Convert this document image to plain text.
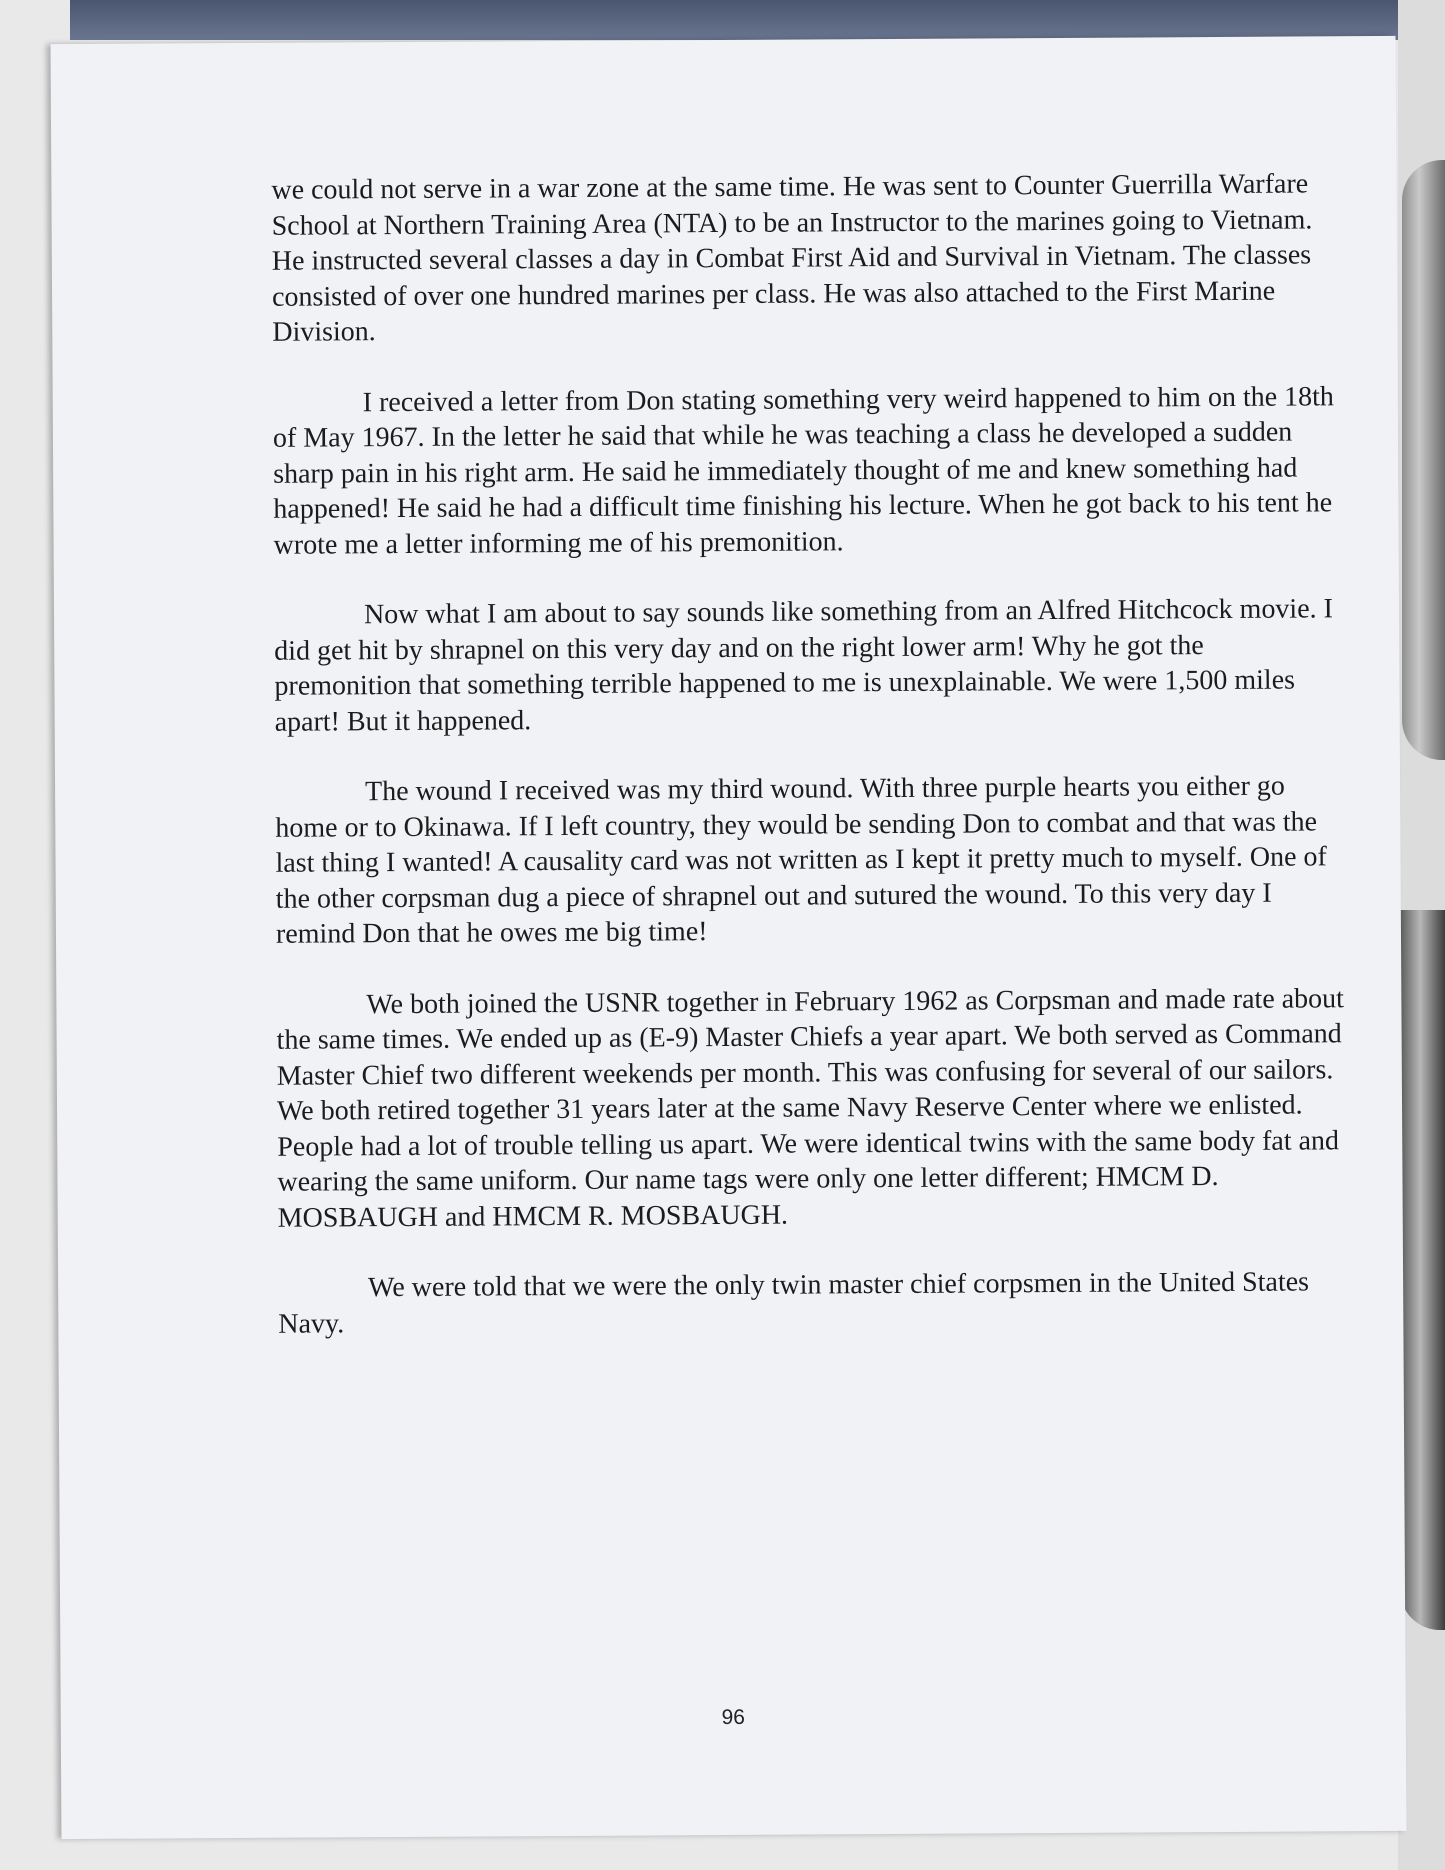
we could not serve in a war zone at the same time. He was sent to Counter Guerrilla Warfare School at Northern Training Area (NTA) to be an Instructor to the marines going to Vietnam. He instructed several classes a day in Combat First Aid and Survival in Vietnam. The classes consisted of over one hundred marines per class. He was also attached to the First Marine Division.

I received a letter from Don stating something very weird happened to him on the 18th of May 1967. In the letter he said that while he was teaching a class he developed a sudden sharp pain in his right arm. He said he immediately thought of me and knew something had happened! He said he had a difficult time finishing his lecture. When he got back to his tent he wrote me a letter informing me of his premonition.

Now what I am about to say sounds like something from an Alfred Hitchcock movie. I did get hit by shrapnel on this very day and on the right lower arm! Why he got the premonition that something terrible happened to me is unexplainable. We were 1,500 miles apart! But it happened.

The wound I received was my third wound. With three purple hearts you either go home or to Okinawa. If I left country, they would be sending Don to combat and that was the last thing I wanted! A causality card was not written as I kept it pretty much to myself. One of the other corpsman dug a piece of shrapnel out and sutured the wound. To this very day I remind Don that he owes me big time!

We both joined the USNR together in February 1962 as Corpsman and made rate about the same times. We ended up as (E-9) Master Chiefs a year apart. We both served as Command Master Chief two different weekends per month. This was confusing for several of our sailors. We both retired together 31 years later at the same Navy Reserve Center where we enlisted. People had a lot of trouble telling us apart. We were identical twins with the same body fat and wearing the same uniform. Our name tags were only one letter different; HMCM D. MOSBAUGH and HMCM R. MOSBAUGH.

We were told that we were the only twin master chief corpsmen in the United States Navy.

96
